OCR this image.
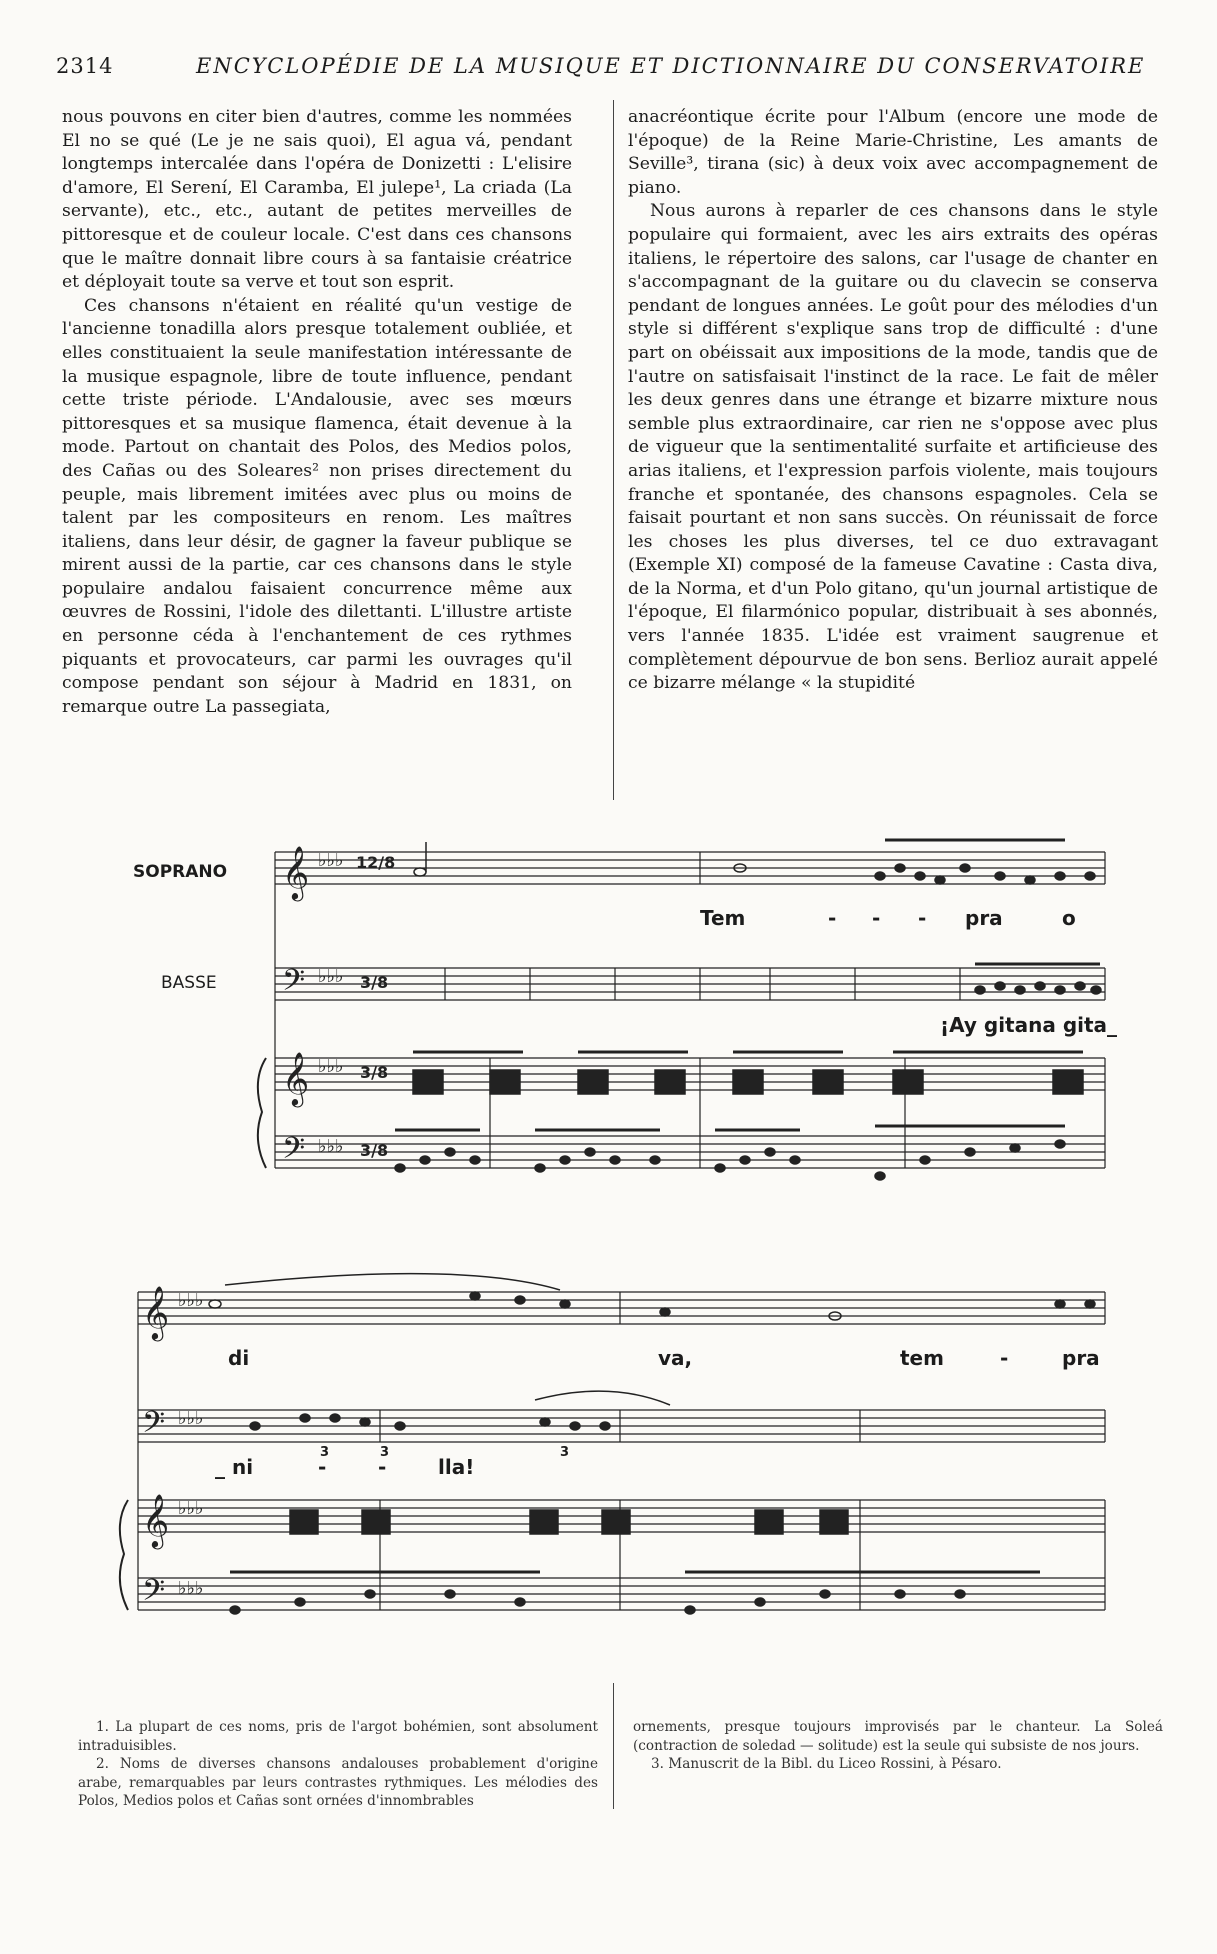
2314	ENCYCLOPÉDIE DE LA MUSIQUE ET DICTIONNAIRE DU CONSERVATOIRE

nous pouvons en citer bien d'autres, comme les nommées El no se qué (Le je ne sais quoi), El agua vá, pendant longtemps intercalée dans l'opéra de Donizetti : L'elisire d'amore, El Serení, El Caramba, El julepe¹, La criada (La servante), etc., etc., autant de petites merveilles de pittoresque et de couleur locale. C'est dans ces chansons que le maître donnait libre cours à sa fantaisie créatrice et déployait toute sa verve et tout son esprit.

Ces chansons n'étaient en réalité qu'un vestige de l'ancienne tonadilla alors presque totalement oubliée, et elles constituaient la seule manifestation intéressante de la musique espagnole, libre de toute influence, pendant cette triste période. L'Andalousie, avec ses mœurs pittoresques et sa musique flamenca, était devenue à la mode. Partout on chantait des Polos, des Medios polos, des Cañas ou des Soleares² non prises directement du peuple, mais librement imitées avec plus ou moins de talent par les compositeurs en renom. Les maîtres italiens, dans leur désir, de gagner la faveur publique se mirent aussi de la partie, car ces chansons dans le style populaire andalou faisaient concurrence même aux œuvres de Rossini, l'idole des dilettanti. L'illustre artiste en personne céda à l'enchantement de ces rythmes piquants et provocateurs, car parmi les ouvrages qu'il compose pendant son séjour à Madrid en 1831, on remarque outre La passegiata,

anacréontique écrite pour l'Album (encore une mode de l'époque) de la Reine Marie-Christine, Les amants de Seville³, tirana (sic) à deux voix avec accompagnement de piano.

Nous aurons à reparler de ces chansons dans le style populaire qui formaient, avec les airs extraits des opéras italiens, le répertoire des salons, car l'usage de chanter en s'accompagnant de la guitare ou du clavecin se conserva pendant de longues années. Le goût pour des mélodies d'un style si différent s'explique sans trop de difficulté : d'une part on obéissait aux impositions de la mode, tandis que de l'autre on satisfaisait l'instinct de la race. Le fait de mêler les deux genres dans une étrange et bizarre mixture nous semble plus extraordinaire, car rien ne s'oppose avec plus de vigueur que la sentimentalité surfaite et artificieuse des arias italiens, et l'expression parfois violente, mais toujours franche et spontanée, des chansons espagnoles. Cela se faisait pourtant et non sans succès. On réunissait de force les choses les plus diverses, tel ce duo extravagant (Exemple XI) composé de la fameuse Cavatine : Casta diva, de la Norma, et d'un Polo gitano, qu'un journal artistique de l'époque, El filarmónico popular, distribuait à ses abonnés, vers l'année 1835. L'idée est vraiment saugrenue et complètement dépourvue de bon sens. Berlioz aurait appelé ce bizarre mélange « la stupidité

𝄞
𝄢
𝄞
𝄢
𝄞
𝄢
𝄞
𝄢
♭♭♭
♭♭♭
♭♭♭
♭♭♭
♭♭♭
♭♭♭
♭♭♭
♭♭♭
12/8
3/8
3/8
3/8
SOPRANO
BASSE
Tem	- - - pra	o
¡Ay gitana gita_
di	va,	tem	-	pra
_ ni	-	-	lla!
3	3	3

1. La plupart de ces noms, pris de l'argot bohémien, sont absolument intraduisibles.

2. Noms de diverses chansons andalouses probablement d'origine arabe, remarquables par leurs contrastes rythmiques. Les mélodies des Polos, Medios polos et Cañas sont ornées d'innombrables

ornements, presque toujours improvisés par le chanteur. La Soleá (contraction de soledad — solitude) est la seule qui subsiste de nos jours.

3. Manuscrit de la Bibl. du Liceo Rossini, à Pésaro.
